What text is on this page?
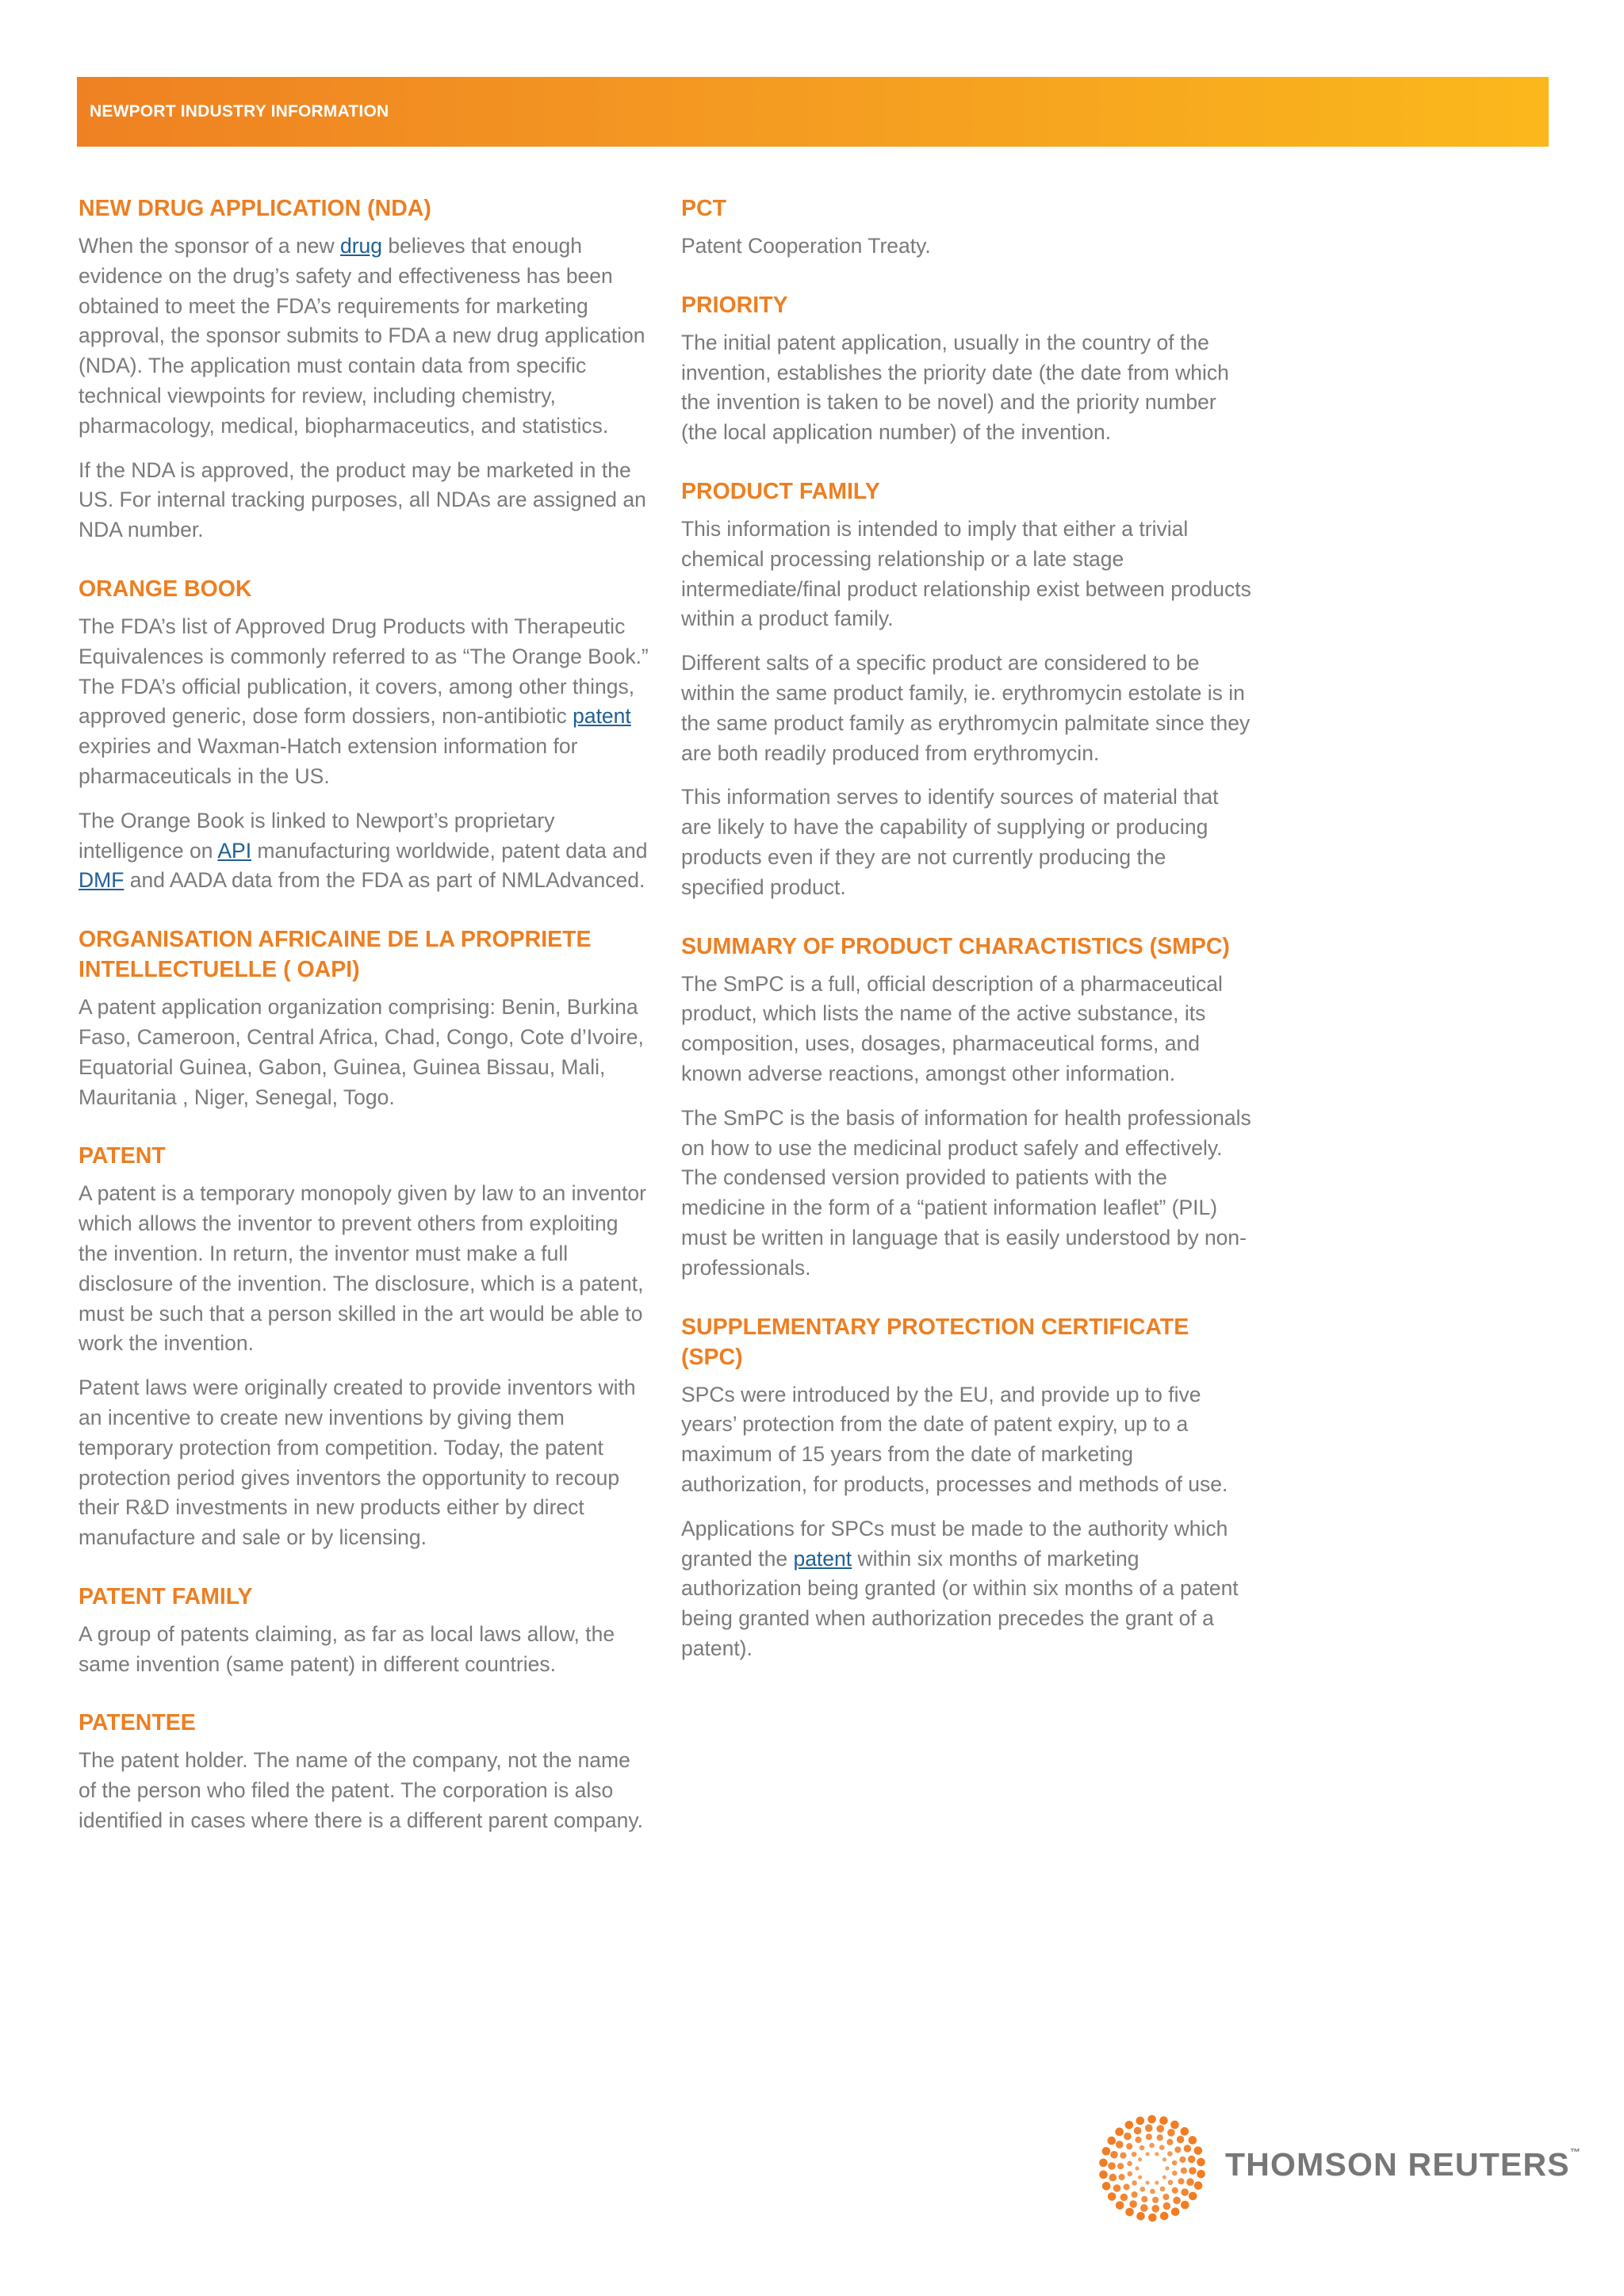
NEWPORT INDUSTRY INFORMATION
NEW DRUG APPLICATION (NDA)

When the sponsor of a new drug believes that enough evidence on the drug’s safety and effectiveness has been obtained to meet the FDA’s requirements for marketing approval, the sponsor submits to FDA a new drug application (NDA). The application must contain data from specific technical viewpoints for review, including chemistry, pharmacology, medical, biopharmaceutics, and statistics.

If the NDA is approved, the product may be marketed in the US. For internal tracking purposes, all NDAs are assigned an NDA number.

ORANGE BOOK

The FDA’s list of Approved Drug Products with Therapeutic Equivalences is commonly referred to as “The Orange Book.” The FDA’s official publication, it covers, among other things, approved generic, dose form dossiers, non-antibiotic patent expiries and Waxman-Hatch extension information for pharmaceuticals in the US.

The Orange Book is linked to Newport’s proprietary intelligence on API manufacturing worldwide, patent data and DMF and AADA data from the FDA as part of NMLAdvanced.

ORGANISATION AFRICAINE DE LA PROPRIETE
INTELLECTUELLE ( OAPI)

A patent application organization comprising: Benin, Burkina Faso, Cameroon, Central Africa, Chad, Congo, Cote d’Ivoire, Equatorial Guinea, Gabon, Guinea, Guinea Bissau, Mali, Mauritania , Niger, Senegal, Togo.

PATENT

A patent is a temporary monopoly given by law to an inventor which allows the inventor to prevent others from exploiting the invention. In return, the inventor must make a full disclosure of the invention. The disclosure, which is a patent, must be such that a person skilled in the art would be able to work the invention.

Patent laws were originally created to provide inventors with an incentive to create new inventions by giving them temporary protection from competition. Today, the patent protection period gives inventors the opportunity to recoup their R&D investments in new products either by direct manufacture and sale or by licensing.

PATENT FAMILY

A group of patents claiming, as far as local laws allow, the same invention (same patent) in different countries.

PATENTEE

The patent holder. The name of the company, not the name of the person who filed the patent. The corporation is also identified in cases where there is a different parent company.

PCT

Patent Cooperation Treaty.

PRIORITY

The initial patent application, usually in the country of the invention, establishes the priority date (the date from which the invention is taken to be novel) and the priority number (the local application number) of the invention.

PRODUCT FAMILY

This information is intended to imply that either a trivial chemical processing relationship or a late stage intermediate/final product relationship exist between products within a product family.

Different salts of a specific product are considered to be within the same product family, ie. erythromycin estolate is in the same product family as erythromycin palmitate since they are both readily produced from erythromycin.

This information serves to identify sources of material that are likely to have the capability of supplying or producing products even if they are not currently producing the specified product.

SUMMARY OF PRODUCT CHARACTISTICS (SMPC)

The SmPC is a full, official description of a pharmaceutical product, which lists the name of the active substance, its composition, uses, dosages, pharmaceutical forms, and known adverse reactions, amongst other information.

The SmPC is the basis of information for health professionals on how to use the medicinal product safely and effectively. The condensed version provided to patients with the medicine in the form of a “patient information leaflet” (PIL) must be written in language that is easily understood by non-professionals.

SUPPLEMENTARY PROTECTION CERTIFICATE (SPC)

SPCs were introduced by the EU, and provide up to five years’ protection from the date of patent expiry, up to a maximum of 15 years from the date of marketing authorization, for products, processes and methods of use.

Applications for SPCs must be made to the authority which granted the patent within six months of marketing authorization being granted (or within six months of a patent being granted when authorization precedes the grant of a patent).

THOMSON REUTERS™
